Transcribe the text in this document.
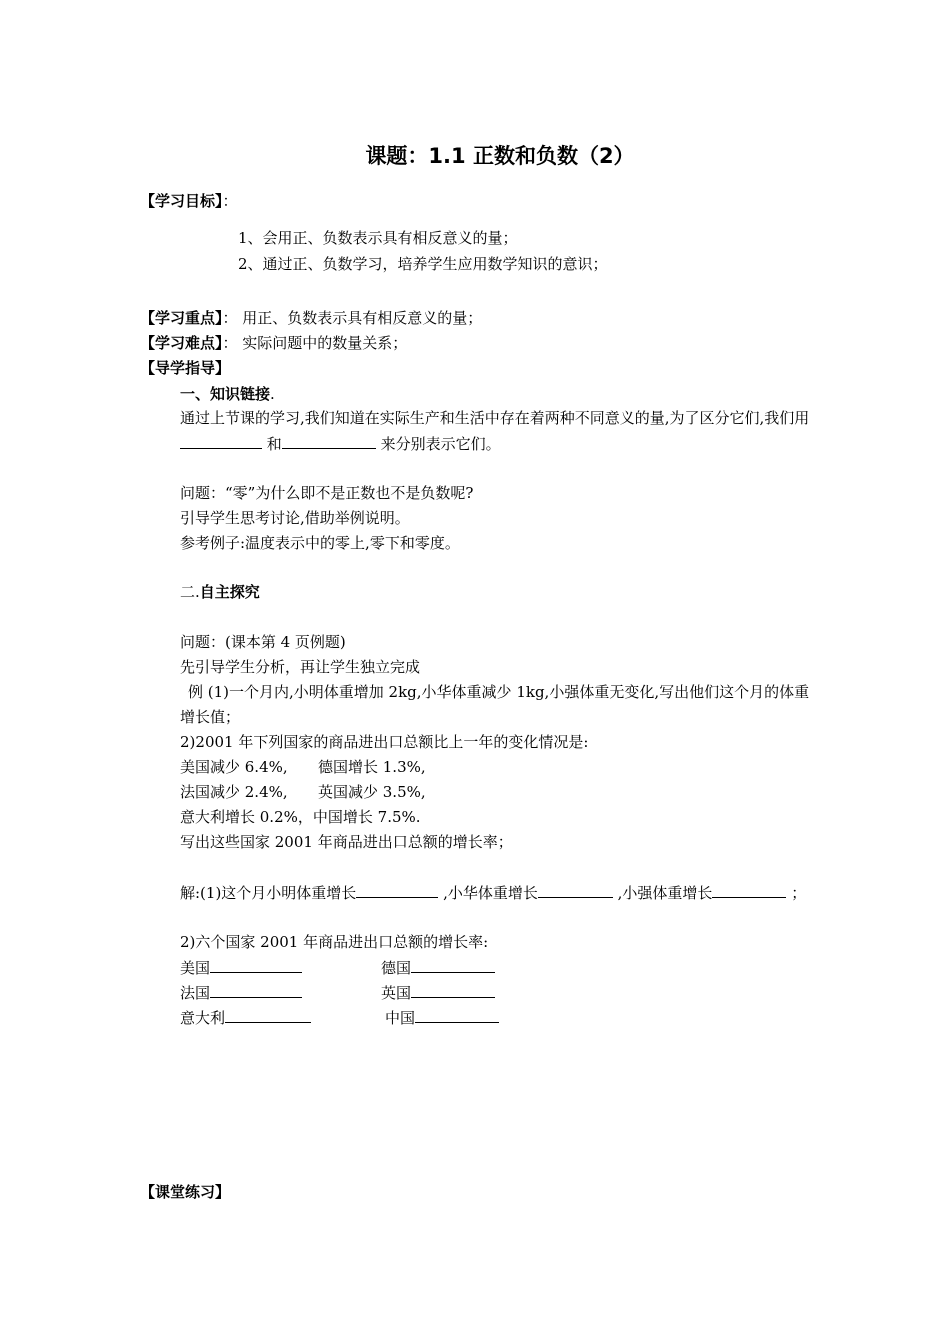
课题：1.1 正数和负数（2）
【学习目标】：
1、会用正、负数表示具有相反意义的量；
2、通过正、负数学习，培养学生应用数学知识的意识；
【学习重点】： 用正、负数表示具有相反意义的量；
【学习难点】： 实际问题中的数量关系；
【导学指导】
一、知识链接.
通过上节课的学习,我们知道在实际生产和生活中存在着两种不同意义的量,为了区分它们,我们用
和	来分别表示它们。
问题：“零”为什么即不是正数也不是负数呢?
引导学生思考讨论,借助举例说明。
参考例子:温度表示中的零上,零下和零度。
二.自主探究
问题：(课本第 4 页例题)
先引导学生分析，再让学生独立完成
例 (1)一个月内,小明体重增加 2kg,小华体重减少 1kg,小强体重无变化,写出他们这个月的体重
增长值；
2)2001 年下列国家的商品进出口总额比上一年的变化情况是:
美国减少 6.4%, 德国增长 1.3%,
法国减少 2.4%, 英国减少 3.5%,
意大利增长 0.2%，中国增长 7.5%.
写出这些国家 2001 年商品进出口总额的增长率；
解:(1)这个月小明体重增长	,小华体重增长	,小强体重增长	；
2)六个国家 2001 年商品进出口总额的增长率:
美国	德国
法国	英国
意大利	中国
【课堂练习】
